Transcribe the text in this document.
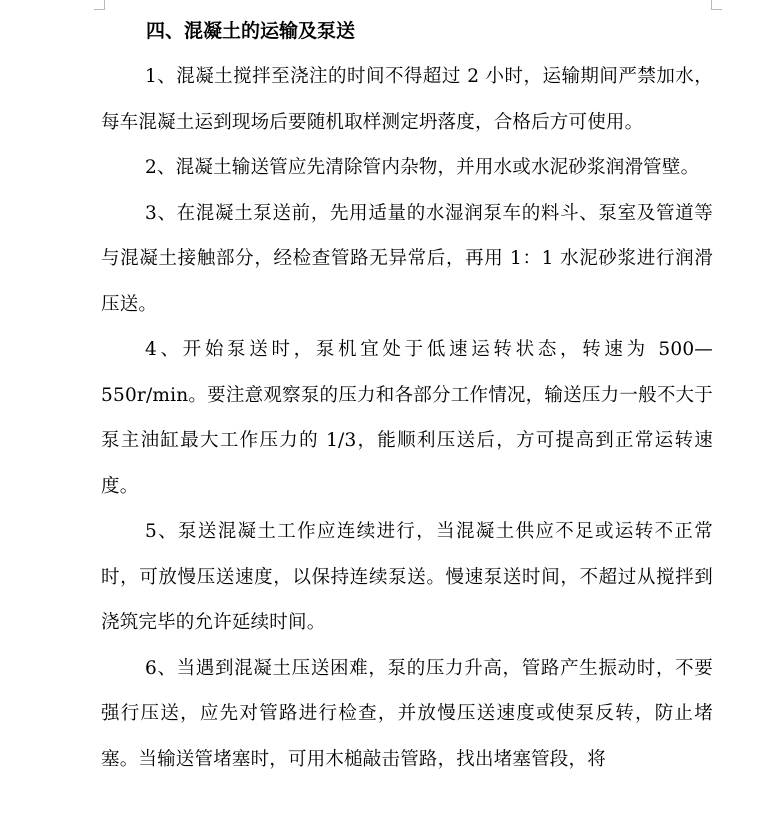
四、混凝土的运输及泵送

1、混凝土搅拌至浇注的时间不得超过 2 小时，运输期间严禁加水，每车混凝土运到现场后要随机取样测定坍落度，合格后方可使用。

2、混凝土输送管应先清除管内杂物，并用水或水泥砂浆润滑管壁。

3、在混凝土泵送前，先用适量的水湿润泵车的料斗、泵室及管道等与混凝土接触部分，经检查管路无异常后，再用 1：1 水泥砂浆进行润滑压送。

4、开始泵送时，泵机宜处于低速运转状态，转速为 500—550r/min。要注意观察泵的压力和各部分工作情况，输送压力一般不大于泵主油缸最大工作压力的 1/3，能顺利压送后，方可提高到正常运转速度。

5、泵送混凝土工作应连续进行，当混凝土供应不足或运转不正常时，可放慢压送速度，以保持连续泵送。慢速泵送时间，不超过从搅拌到浇筑完毕的允许延续时间。

6、当遇到混凝土压送困难，泵的压力升高，管路产生振动时，不要强行压送，应先对管路进行检查，并放慢压送速度或使泵反转，防止堵塞。当输送管堵塞时，可用木槌敲击管路，找出堵塞管段，将
